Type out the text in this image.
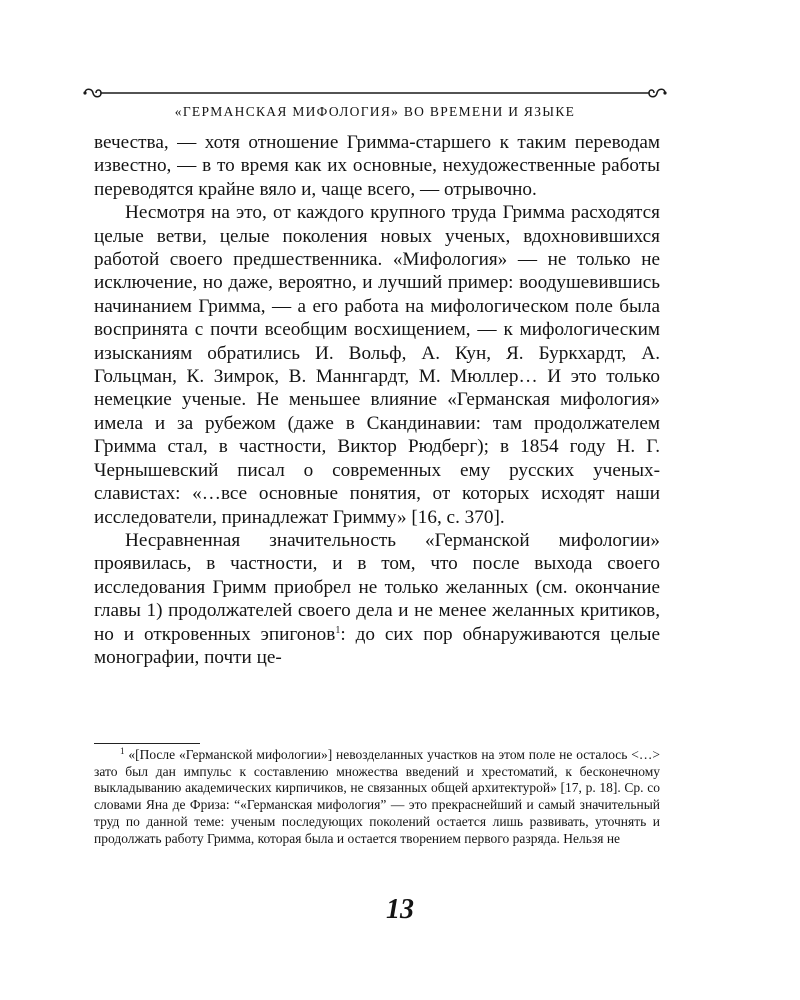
«ГЕРМАНСКАЯ МИФОЛОГИЯ» ВО ВРЕМЕНИ И ЯЗЫКЕ

вечества, — хотя отношение Гримма-старшего к таким переводам известно, — в то время как их основные, нехудожественные работы переводятся крайне вяло и, чаще всего, — отрывочно.

Несмотря на это, от каждого крупного труда Гримма расходятся целые ветви, целые поколения новых ученых, вдохновившихся работой своего предшественника. «Мифология» — не только не исключение, но даже, вероятно, и лучший пример: воодушевившись начинанием Гримма, — а его работа на мифологическом поле была воспринята с почти всеобщим восхищением, — к мифологическим изысканиям обратились И. Вольф, А. Кун, Я. Буркхардт, А. Гольцман, К. Зимрок, В. Маннгардт, М. Мюллер… И это только немецкие ученые. Не меньшее влияние «Германская мифология» имела и за рубежом (даже в Скандинавии: там продолжателем Гримма стал, в частности, Виктор Рюдберг); в 1854 году Н. Г. Чернышевский писал о современных ему русских ученых-славистах: «…все основные понятия, от которых исходят наши исследователи, принадлежат Гримму» [16, с. 370].

Несравненная значительность «Германской мифологии» проявилась, в частности, и в том, что после выхода своего исследования Гримм приобрел не только желанных (см. окончание главы 1) продолжателей своего дела и не менее желанных критиков, но и откровенных эпигонов$^1$: до сих пор обнаруживаются целые монографии, почти це-

$^1$ «[После «Германской мифологии»] невозделанных участков на этом поле не осталось <…> зато был дан импульс к составлению множества введений и хрестоматий, к бесконечному выкладыванию академических кирпичиков, не связанных общей архитектурой» [17, p. 18]. Ср. со словами Яна де Фриза: “«Германская мифология” — это прекраснейший и самый значительный труд по данной теме: ученым последующих поколений остается лишь развивать, уточнять и продолжать работу Гримма, которая была и остается творением первого разряда. Нельзя не

13
